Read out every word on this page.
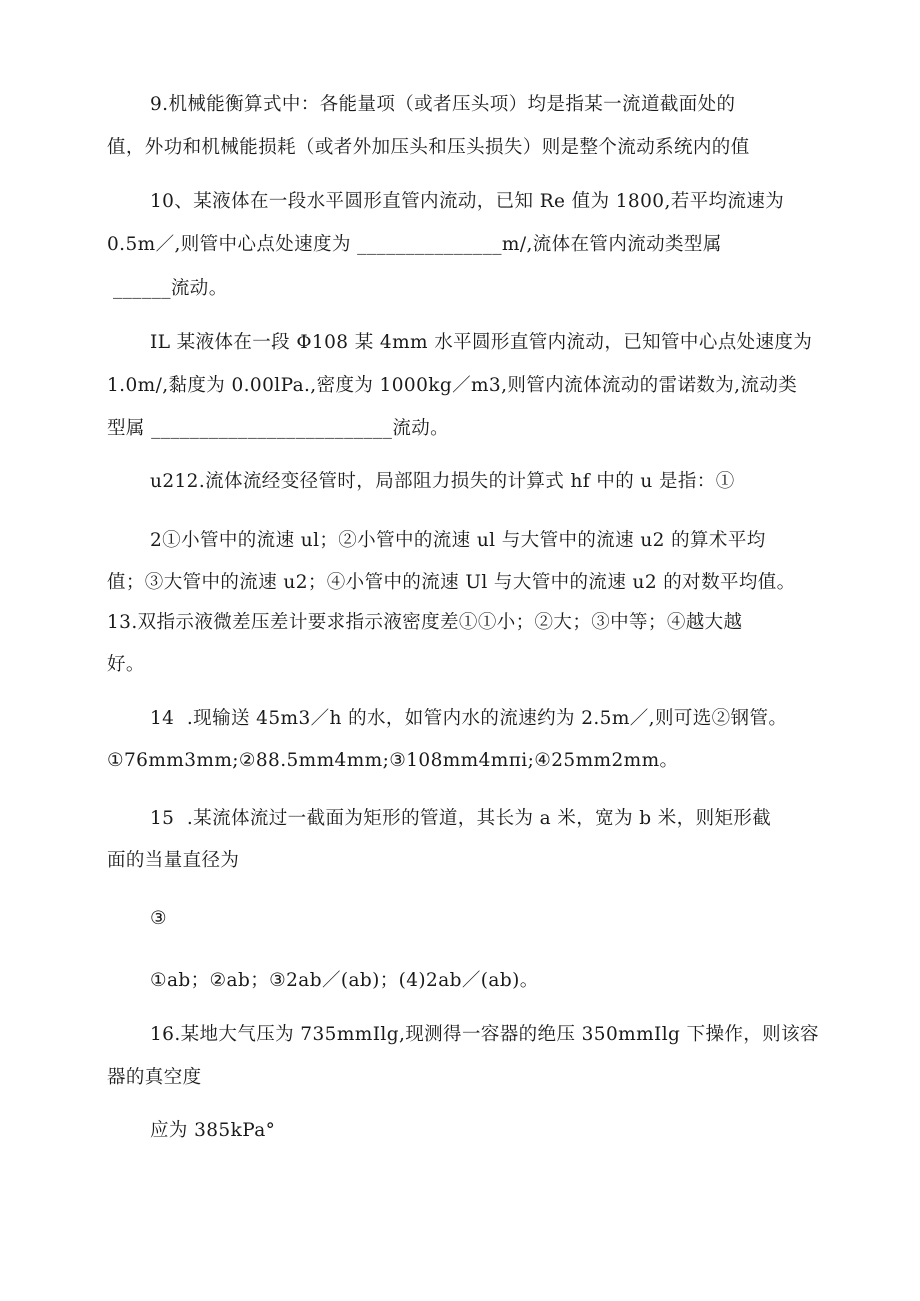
9.机械能衡算式中：各能量项（或者压头项）均是指某一流道截面处的

值，外功和机械能损耗（或者外加压头和压头损失）则是整个流动系统内的值

10、某液体在一段水平圆形直管内流动，已知 Re 值为 1800,若平均流速为

0.5m／,则管中心点处速度为 _______________m/,流体在管内流动类型属

______流动。

IL 某液体在一段 Φ108 某 4mm 水平圆形直管内流动，已知管中心点处速度为

1.0m/,黏度为 0.00lPa.,密度为 1000kg／m3,则管内流体流动的雷诺数为,流动类

型属 _________________________流动。

u212.流体流经变径管时，局部阻力损失的计算式 hf 中的 u 是指：①

2①小管中的流速 ul；②小管中的流速 ul 与大管中的流速 u2 的算术平均

值；③大管中的流速 u2；④小管中的流速 Ul 与大管中的流速 u2 的对数平均值。

13.双指示液微差压差计要求指示液密度差①①小；②大；③中等；④越大越

好。

14  .现输送 45m3／h 的水，如管内水的流速约为 2.5m／,则可选②钢管。

①76mm3mm;②88.5mm4mm;③108mm4mπi;④25mm2mm。

15  .某流体流过一截面为矩形的管道，其长为 a 米，宽为 b 米，则矩形截

面的当量直径为

③

①ab；②ab；③2ab／(ab)；(4)2ab／(ab)。

16.某地大气压为 735mmIlg,现测得一容器的绝压 350mmIlg 下操作，则该容

器的真空度

应为 385kPa°
